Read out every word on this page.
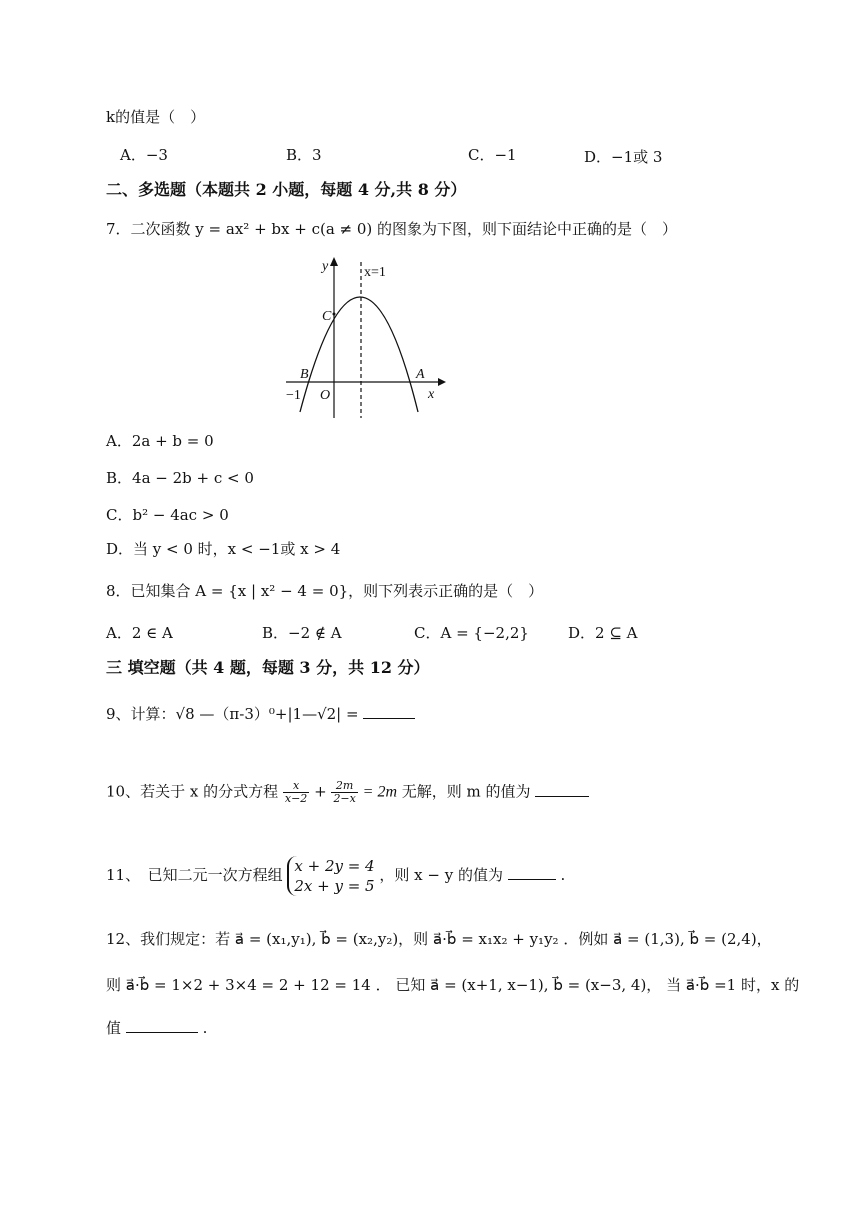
k的值是（　）
A．−3	B．3	C．−1	D．−1或 3
二、多选题（本题共 2 小题，每题 4 分,共 8 分）
7．二次函数 y = ax² + bx + c(a ≠ 0) 的图象为下图，则下面结论中正确的是（　）
y
x
x=1
C
B	A
−1 O
A．2a + b = 0
B．4a − 2b + c < 0
C．b² − 4ac > 0
D．当 y < 0 时，x < −1或 x > 4
8．已知集合 A = {x | x² − 4 = 0}，则下列表示正确的是（　）
A．2 ∈ A	B．−2 ∉ A	C．A = {−2,2}	D．2 ⊆ A
三 填空题（共 4 题，每题 3 分，共 12 分）
9、计算：√8 —（π-3）⁰+|1—√2| =
10、若关于 x 的分式方程 $\frac{x}{x-2} + \frac{2m}{2-x} = 2m$ 无解，则 m 的值为
11、　已知二元一次方程组 x + 2y = 4
2x + y = 5
，则 x − y 的值为	.
12、我们规定：若 a⃗ = (x₁,y₁), b⃗ = (x₂,y₂)，则 a⃗·b⃗ = x₁x₂ + y₁y₂ ．例如 a⃗ = (1,3), b⃗ = (2,4)，
则 a⃗·b⃗ = 1×2 + 3×4 = 2 + 12 = 14 ． 已知 a⃗ = (x+1, x−1), b⃗ = (x−3, 4)， 当 a⃗·b⃗ =1 时，x 的
值	.
